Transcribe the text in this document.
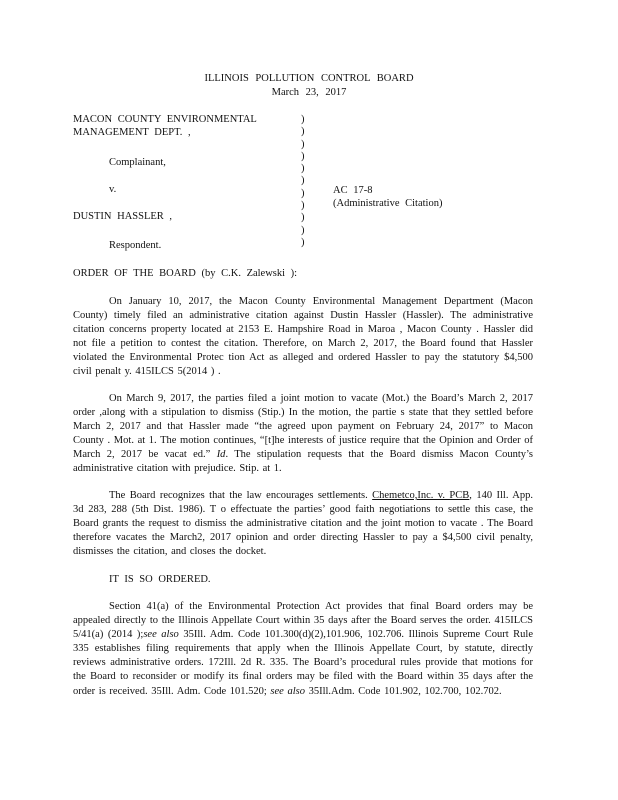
ILLINOIS POLLUTION CONTROL BOARD
March 23, 2017
MACON COUNTY ENVIRONMENTAL
MANAGEMENT DEPT. ,
Complainant,
v.
DUSTIN HASSLER ,
Respondent.
)
)
)
)
)
)
)
)
)
)
)
AC 17-8
(Administrative Citation)
ORDER OF THE BOARD (by C.K. Zalewski ):

On January 10, 2017, the Macon County Environmental Management Department (Macon County) timely filed an administrative citation against Dustin Hassler (Hassler). The administrative citation concerns property located at 2153 E. Hampshire Road in Maroa , Macon County . Hassler did not file a petition to contest the citation. Therefore, on March 2, 2017, the Board found that Hassler violated the Environmental Protec tion Act as alleged and ordered Hassler to pay the statutory $4,500 civil penalt y. 415ILCS 5(2014 ) .

On March 9, 2017, the parties filed a joint motion to vacate (Mot.) the Board’s March 2, 2017 order ,along with a stipulation to dismiss (Stip.) In the motion, the partie s state that they settled before March 2, 2017 and that Hassler made “the agreed upon payment on February 24, 2017” to Macon County . Mot. at 1. The motion continues, “[t]he interests of justice require that the Opinion and Order of March 2, 2017 be vacat ed.” Id. The stipulation requests that the Board dismiss Macon County’s administrative citation with prejudice. Stip. at 1.

The Board recognizes that the law encourages settlements. Chemetco,Inc. v. PCB, 140 Ill. App. 3d 283, 288 (5th Dist. 1986). T o effectuate the parties’ good faith negotiations to settle this case, the Board grants the request to dismiss the administrative citation and the joint motion to vacate . The Board therefore vacates the March2, 2017 opinion and order directing Hassler to pay a $4,500 civil penalty, dismisses the citation, and closes the docket.

IT IS SO ORDERED.

Section 41(a) of the Environmental Protection Act provides that final Board orders may be appealed directly to the Illinois Appellate Court within 35 days after the Board serves the order. 415ILCS 5/41(a) (2014 );see also 35Ill. Adm. Code 101.300(d)(2),101.906, 102.706. Illinois Supreme Court Rule 335 establishes filing requirements that apply when the Illinois Appellate Court, by statute, directly reviews administrative orders. 172Ill. 2d R. 335. The Board’s procedural rules provide that motions for the Board to reconsider or modify its final orders may be filed with the Board within 35 days after the order is received. 35Ill. Adm. Code 101.520; see also 35Ill.Adm. Code 101.902, 102.700, 102.702.
